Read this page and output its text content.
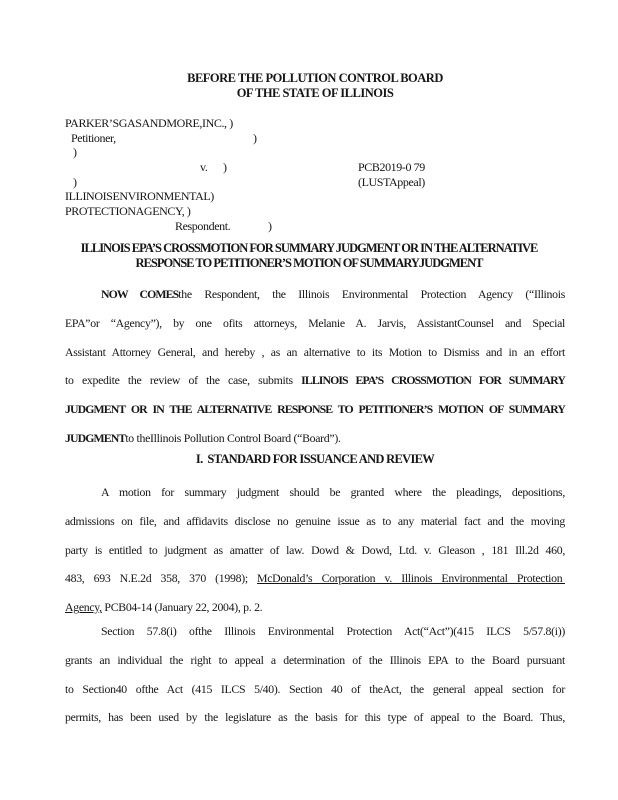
BEFORE THE POLLUTION CONTROL BOARD
OF THE STATE OF ILLINOIS
PARKER’SGASANDMORE,INC., )
Petitioner,	)
)
v. )	PCB2019-0 79
)	(LUSTAppeal)
ILLINOISENVIRONMENTAL)
PROTECTIONAGENCY, )
Respondent.	)
ILLINOIS EPA’S CROSSMOTION FOR SUMMARY JUDGMENT OR IN THE ALTERNATIVE
RESPONSE TO PETITIONER’S MOTION OF SUMMARYJUDGMENT
NOW COMESthe Respondent, the Illinois Environmental Protection Agency (“Illinois
EPA”or “Agency”), by one ofits attorneys, Melanie A. Jarvis, AssistantCounsel and Special
Assistant Attorney General, and hereby , as an alternative to its Motion to Dismiss and in an effort
to expedite the review of the case, submits ILLINOIS EPA’S CROSSMOTION FOR SUMMARY
JUDGMENT OR IN THE ALTERNATIVE RESPONSE TO PETITIONER’S MOTION OF SUMMARY
JUDGMENTto theIllinois Pollution Control Board (“Board”).
I.  STANDARD FOR ISSUANCE AND REVIEW
A motion for summary judgment should be granted where the pleadings, depositions,
admissions on file, and affidavits disclose no genuine issue as to any material fact and the moving
party is entitled to judgment as amatter of law. Dowd & Dowd, Ltd. v. Gleason , 181 Ill.2d 460,
483, 693 N.E.2d 358, 370 (1998); McDonald’s Corporation v. Illinois Environmental Protection
Agency, PCB04-14 (January 22, 2004), p. 2.
Section 57.8(i) ofthe Illinois Environmental Protection Act(“Act”)(415 ILCS 5/57.8(i))
grants an individual the right to appeal a determination of the Illinois EPA to the Board pursuant
to Section40 ofthe Act (415 ILCS 5/40). Section 40 of theAct, the general appeal section for
permits, has been used by the legislature as the basis for this type of appeal to the Board. Thus,
